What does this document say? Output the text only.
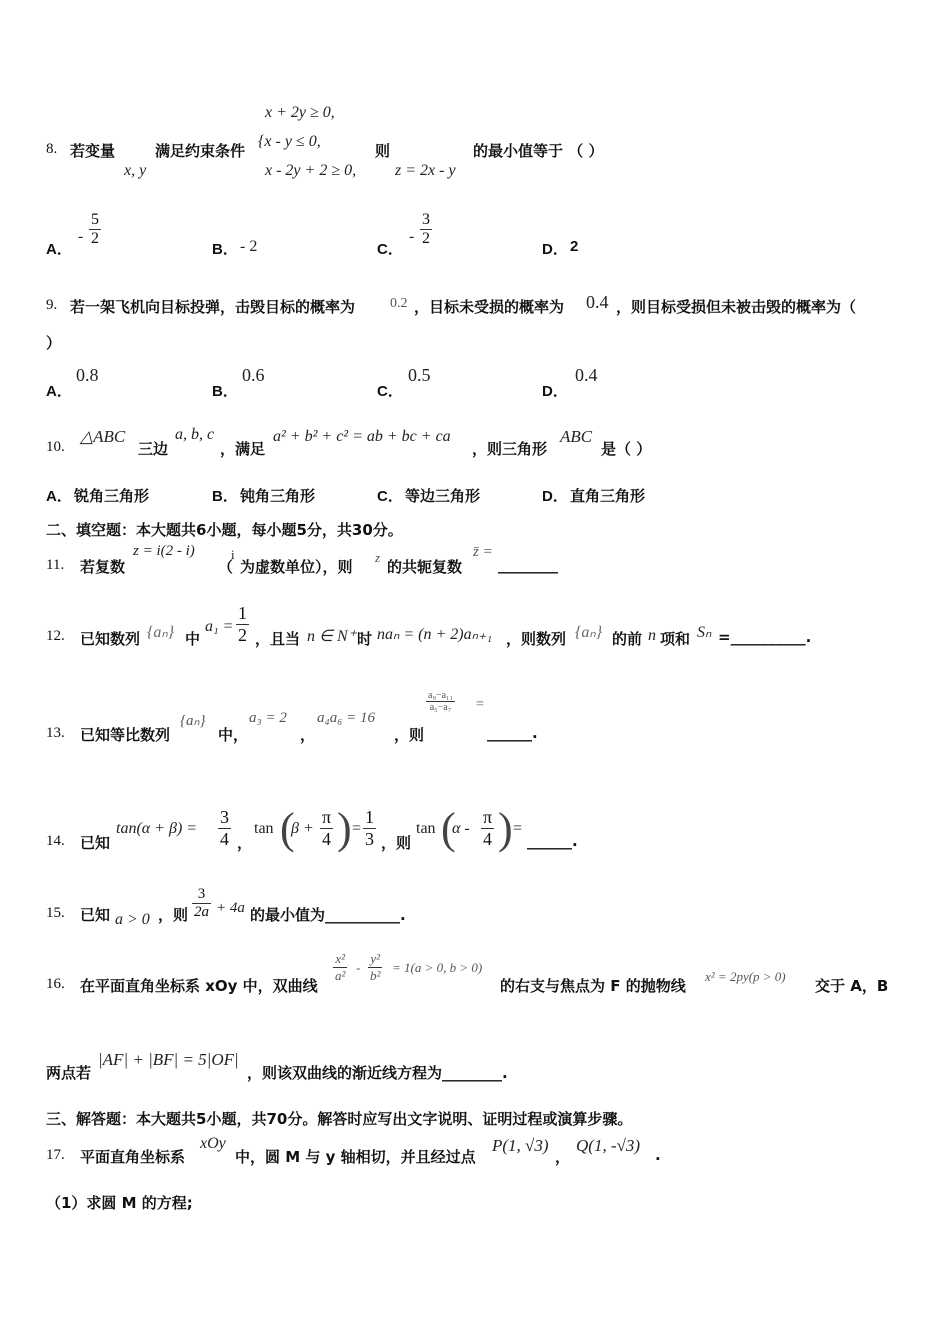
8. 若变量
x, y
满足约束条件
x + 2y ≥ 0,
{x - y ≤ 0,
x - 2y + 2 ≥ 0,
则
z = 2x - y
的最小值等于 （ ）
A．
- $\frac{5}{2}$
B． - 2	C．
- $\frac{3}{2}$
D． 2
9. 若一架飞机向目标投弹，击毁目标的概率为 0.2 ，目标未受损的概率为 0.4 ，则目标受损但未被击毁的概率为（
）
A．
0.8
B．
0.6
C．
0.5
D．
0.4
10.
△ABC
三边
a, b, c
，满足
a² + b² + c² = ab + bc + ca
，则三角形
ABC
是（ ）
A． 锐角三角形	B． 钝角三角形	C． 等边三角形	D． 直角三角形
二、填空题：本大题共6小题，每小题5分，共30分。
11. 若复数
z = i(2 - i)
（
i
为虚数单位），则
z
的共轭复数
z̄ =
________
12. 已知数列 {aₙ} 中
$a_1 = \frac{1}{2}$ ，且当 n ∈ N⁺ 时 naₙ = (n + 2)aₙ₊₁ ，则数列 {aₙ} 的前 n 项和 Sₙ =__________.
13. 已知等比数列
{aₙ}
中，
a₃ = 2
，
a₄a₆ = 16
，则
$\frac{\text{a₉−a₁₁}}{\text{a₅−a₇}}$ =
______.
14. 已知
$\tan(\alpha + \beta) = \frac{3}{4}$ ，
tan (
$\beta + \frac{\pi}{4}$ ) = $\frac{1}{3}$ ，则
tan (
α - $\frac{\pi}{4}$ ) =
______.
15. 已知 a > 0 ，则 $\frac{3}{2a} + 4a$ 的最小值为__________.
16. 在平面直角坐标系 xOy 中，双曲线
$\frac{\text{x²}}{\text{a²}} - \frac{\text{y²}}{\text{b²}} = 1(a > 0$, b > 0)
的右支与焦点为 F 的抛物线
x² = 2py(p > 0)
交于 A，B
两点若
|AF| + |BF| = 5|OF|
，则该双曲线的渐近线方程为________.
三、解答题：本大题共5小题，共70分。解答时应写出文字说明、证明过程或演算步骤。
17. 平面直角坐标系
xOy
中，圆 M 与 y 轴相切，并且经过点
P(1, √3)
，
Q(1, -√3) .
（1）求圆 M 的方程;
